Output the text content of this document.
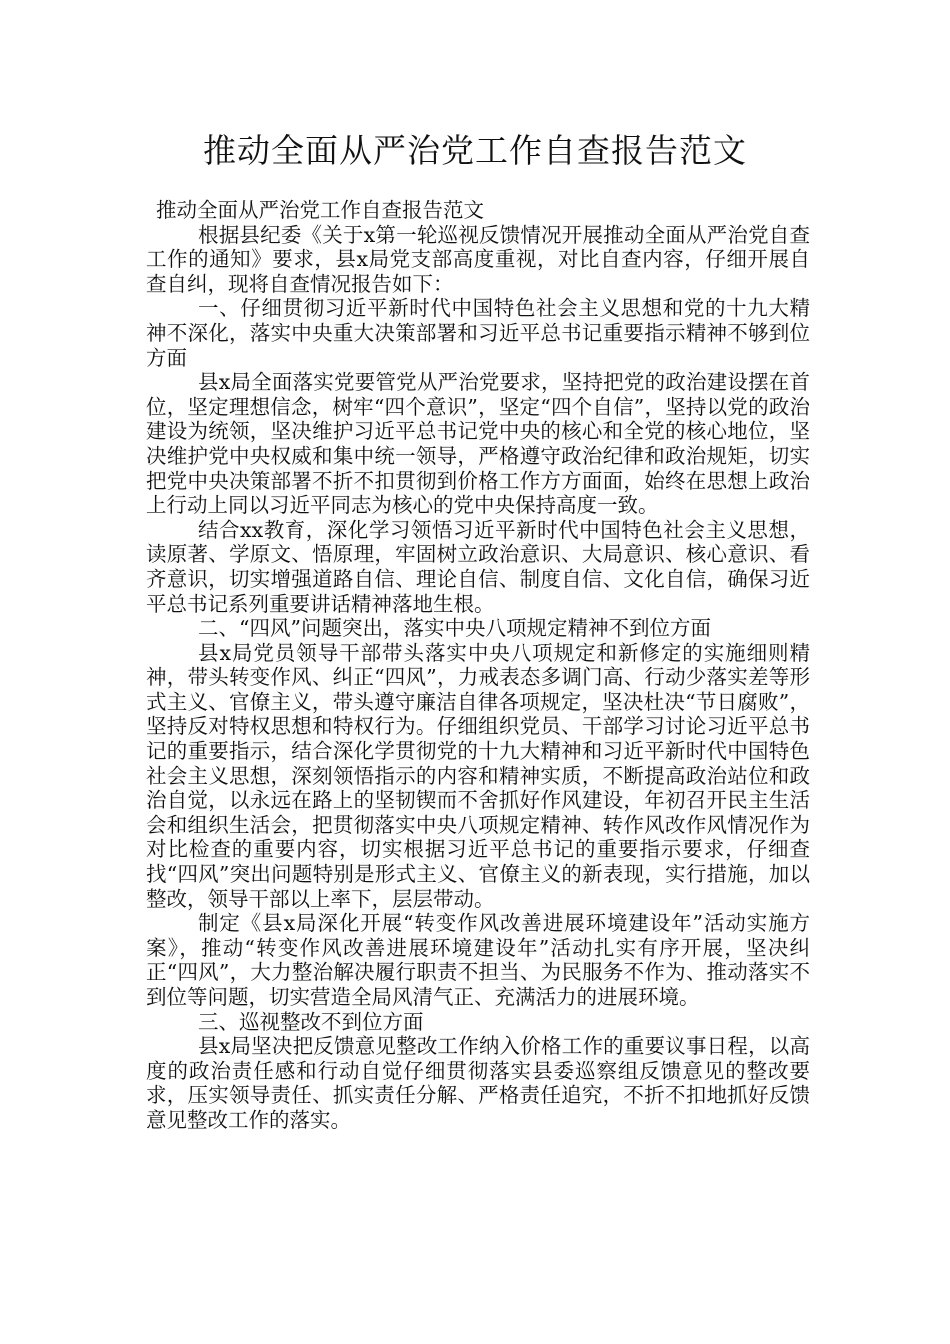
推动全面从严治党工作自查报告范文

推动全面从严治党工作自查报告范文

根据县纪委《关于x第一轮巡视反馈情况开展推动全面从严治党自查工作的通知》要求，县x局党支部高度重视，对比自查内容，仔细开展自查自纠，现将自查情况报告如下：

一、仔细贯彻习近平新时代中国特色社会主义思想和党的十九大精神不深化，落实中央重大决策部署和习近平总书记重要指示精神不够到位方面

县x局全面落实党要管党从严治党要求，坚持把党的政治建设摆在首位，坚定理想信念，树牢“四个意识”，坚定“四个自信”，坚持以党的政治建设为统领，坚决维护习近平总书记党中央的核心和全党的核心地位，坚决维护党中央权威和集中统一领导，严格遵守政治纪律和政治规矩，切实把党中央决策部署不折不扣贯彻到价格工作方方面面，始终在思想上政治上行动上同以习近平同志为核心的党中央保持高度一致。

结合xx教育，深化学习领悟习近平新时代中国特色社会主义思想，读原著、学原文、悟原理，牢固树立政治意识、大局意识、核心意识、看齐意识，切实增强道路自信、理论自信、制度自信、文化自信，确保习近平总书记系列重要讲话精神落地生根。

二、“四风”问题突出，落实中央八项规定精神不到位方面

县x局党员领导干部带头落实中央八项规定和新修定的实施细则精神，带头转变作风、纠正“四风”，力戒表态多调门高、行动少落实差等形式主义、官僚主义，带头遵守廉洁自律各项规定，坚决杜决“节日腐败”，坚持反对特权思想和特权行为。仔细组织党员、干部学习讨论习近平总书记的重要指示，结合深化学贯彻党的十九大精神和习近平新时代中国特色社会主义思想，深刻领悟指示的内容和精神实质，不断提高政治站位和政治自觉，以永远在路上的坚韧锲而不舍抓好作风建设，年初召开民主生活会和组织生活会，把贯彻落实中央八项规定精神、转作风改作风情况作为对比检查的重要内容，切实根据习近平总书记的重要指示要求，仔细查找“四风”突出问题特别是形式主义、官僚主义的新表现，实行措施，加以整改，领导干部以上率下，层层带动。

制定《县x局深化开展“转变作风改善进展环境建设年”活动实施方案》，推动“转变作风改善进展环境建设年”活动扎实有序开展，坚决纠正“四风”，大力整治解决履行职责不担当、为民服务不作为、推动落实不到位等问题，切实营造全局风清气正、充满活力的进展环境。

三、巡视整改不到位方面

县x局坚决把反馈意见整改工作纳入价格工作的重要议事日程，以高度的政治责任感和行动自觉仔细贯彻落实县委巡察组反馈意见的整改要求，压实领导责任、抓实责任分解、严格责任追究，不折不扣地抓好反馈意见整改工作的落实。
